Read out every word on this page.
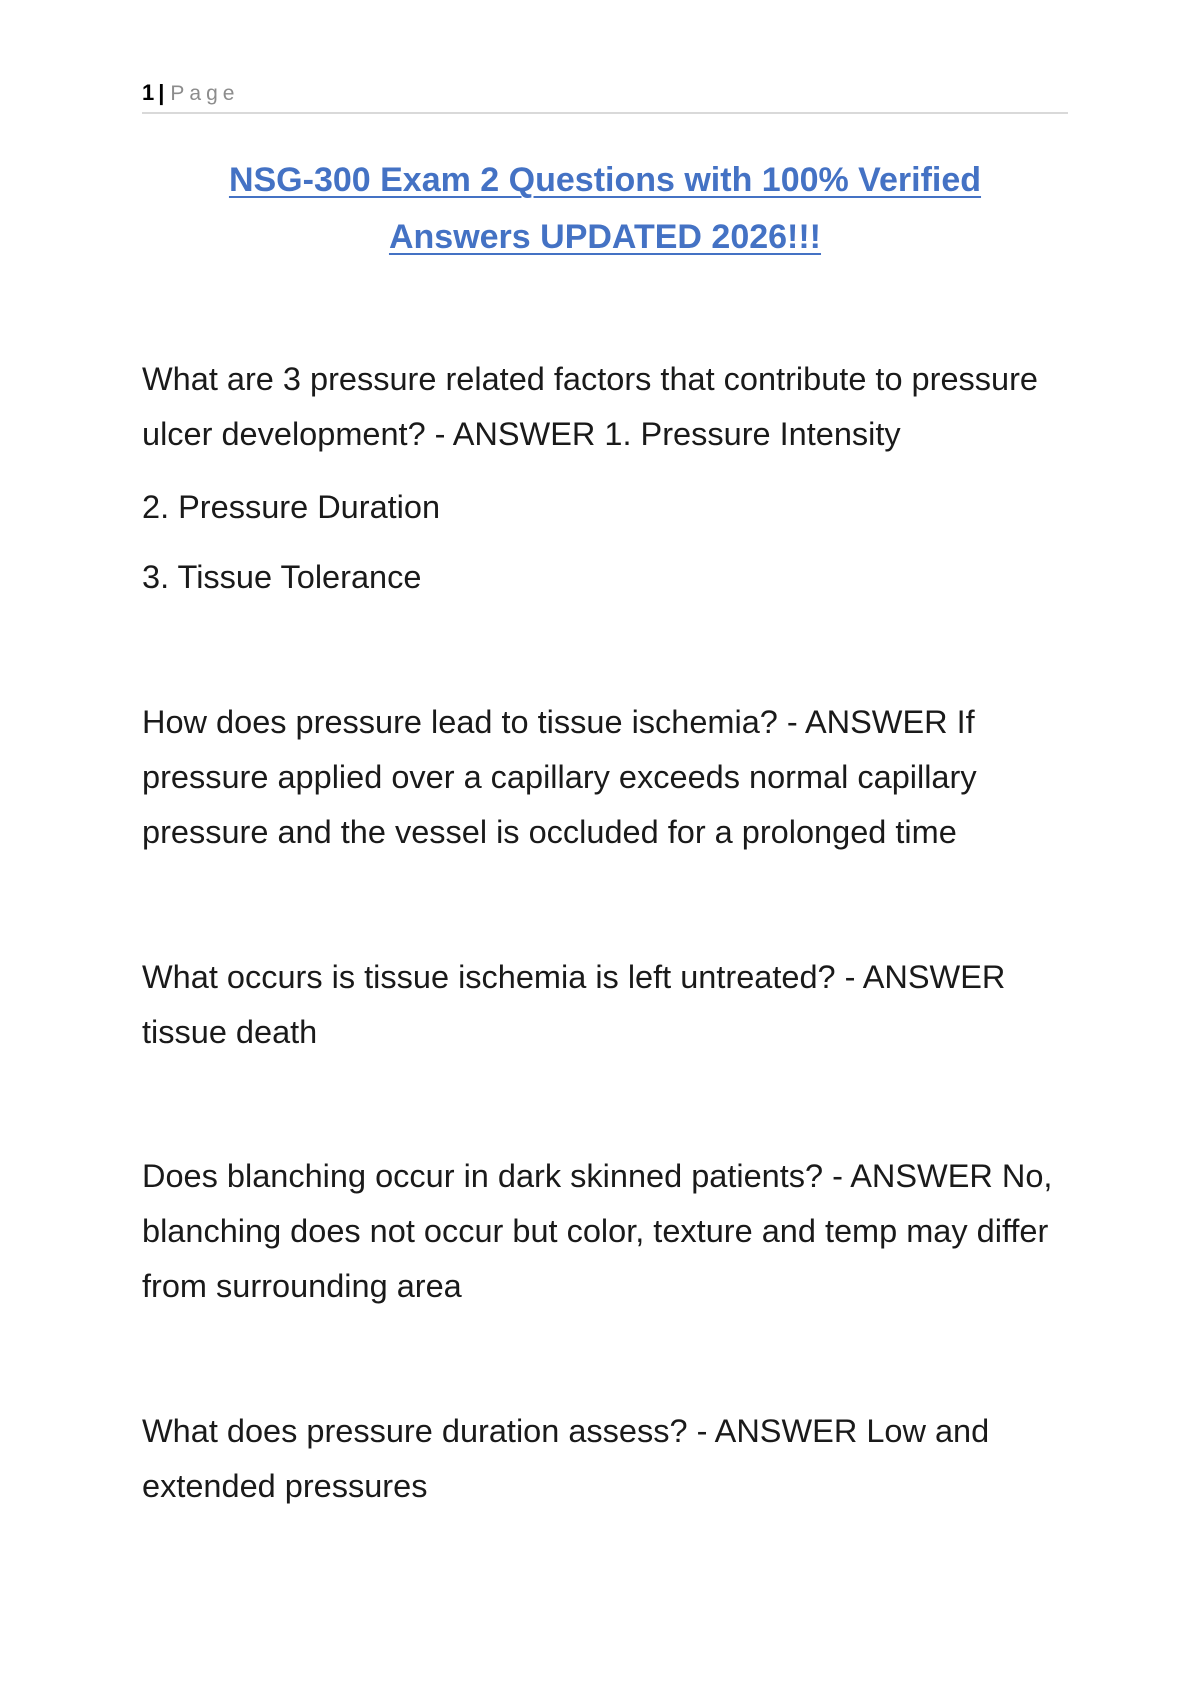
1 | Page
NSG-300 Exam 2 Questions with 100% Verified
Answers UPDATED 2026!!!

What are 3 pressure related factors that contribute to pressure ulcer development? - ANSWER 1. Pressure Intensity

2. Pressure Duration

3. Tissue Tolerance

How does pressure lead to tissue ischemia? - ANSWER If pressure applied over a capillary exceeds normal capillary pressure and the vessel is occluded for a prolonged time

What occurs is tissue ischemia is left untreated? - ANSWER tissue death

Does blanching occur in dark skinned patients? - ANSWER No, blanching does not occur but color, texture and temp may differ from surrounding area

What does pressure duration assess? - ANSWER Low and extended pressures
